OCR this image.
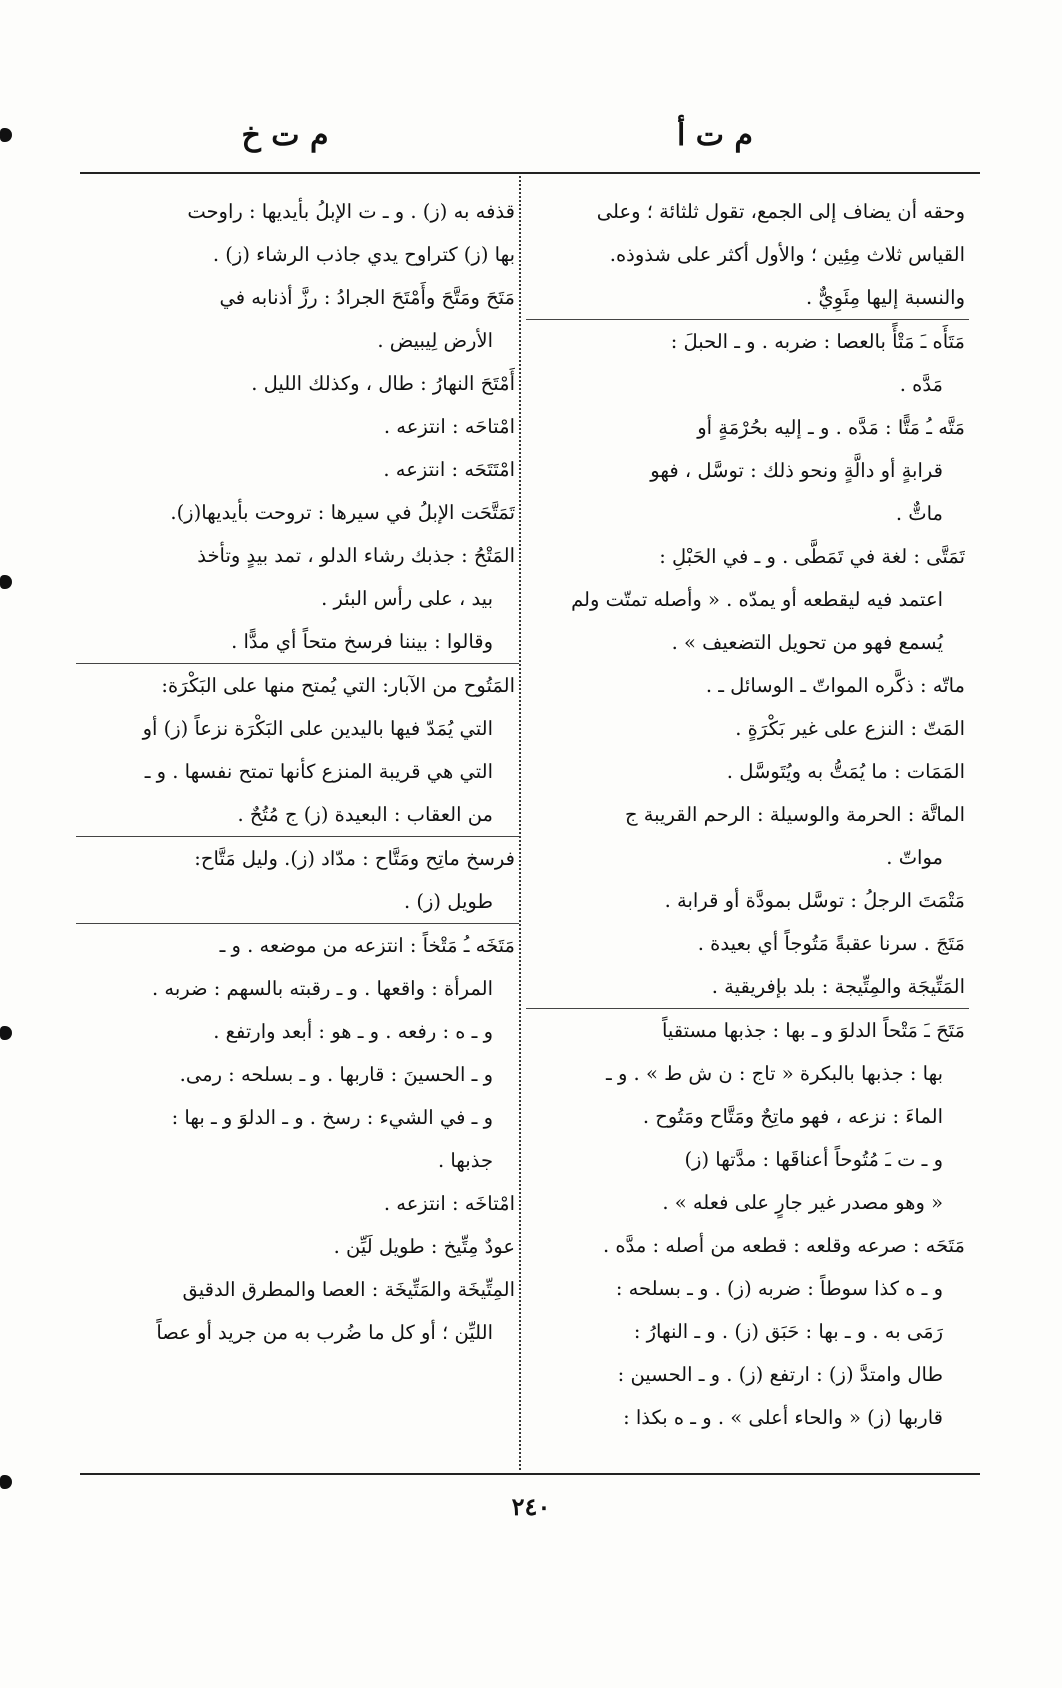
م ت أ
م ت خ
وحقه أن يضاف إلى الجمع، تقول ثلثائة ؛ وعلى
القياس ثلاث مِئِين ؛ والأول أكثر على شذوذه.
والنسبة إليها مِئَوِيٌّ .
مَتَأَه ـَ مَتْأً بالعصا : ضربه . و ـ الحبلَ :
مَدَّه .
مَتَّه ـُ مَتًّا : مَدَّه . و ـ إليه بحُرْمَةٍ أو
قرابةٍ أو دالَّةٍ ونحو ذلك : توسَّل ، فهو
ماتٌّ .
تَمَتَّى : لغة في تَمَطَّى . و ـ في الحَبْلِ :
اعتمد فيه ليقطعه أو يمدّه . « وأصله تمتّت ولم
يُسمع فهو من تحويل التضعيف » .
ماتّه : ذكَّره المواتّ ـ الوسائل ـ .
المَتّ : النزع على غير بَكْرَةٍ .
المَمَات : ما يُمَتُّ به ويُتَوسَّل .
الماتَّة : الحرمة والوسيلة : الرحم القريبة ج
مواتّ .
مَتْمَتَ الرجلُ : توسَّل بمودَّة أو قرابة .
مَتَجَ . سرنا عقبةً مَتُوجاً أي بعيدة .
المَتِّيجَة والمِتِّيجة : بلد بإفريقية .
مَتَحَ ـَ مَتْحاً الدلوَ و ـ بها : جذبها مستقياً
بها : جذبها بالبكرة « تاج : ن ش ط » . و ـ
الماءَ : نزعه ، فهو ماتِحٌ ومَتَّاح ومَتُوح .
و ـ ت ـَ مُتُوحاً أعناقَها : مدَّتها (ز)
« وهو مصدر غير جارٍ على فعله » .
مَتَحَه : صرعه وقلعه : قطعه من أصله : مدَّه .
و ـ ه كذا سوطاً : ضربه (ز) . و ـ بسلحه :
رَمَى به . و ـ بها : حَبَق (ز) . و ـ النهارُ :
طال وامتدَّ (ز) : ارتفع (ز) . و ـ الحسين :
قاربها (ز) « والحاء أعلى » . و ـ ه بكذا :
قذفه به (ز) . و ـ ت الإبلُ بأيديها : راوحت
بها (ز) كتراوح يدي جاذب الرشاء (ز) .
مَتَحَ ومَتَّحَ وأَمْتَحَ الجرادُ : رزَّ أذنابه في
الأرض لِيبيض .
أَمْتَحَ النهارُ : طال ، وكذلك الليل .
امْتاحَه : انتزعه .
امْتَتَحَه : انتزعه .
تَمَتَّحَت الإبلُ في سيرها : تروحت بأيديها(ز).
المَتْحُ : جذبك رشاء الدلو ، تمد بيدٍ وتأخذ
بيد ، على رأس البئر .
وقالوا : بيننا فرسخ متحاً أي مدًّا .
المَتُوح من الآبار: التي يُمتح منها على البَكْرَة:
التي يُمَدّ فيها باليدين على البَكْرَة نزعاً (ز) أو
التي هي قريبة المنزع كأنها تمتح نفسها . و ـ
من العقاب : البعيدة (ز) ج مُتُحٌ .
فرسخ ماتِح ومَتَّاح : مدّاد (ز). وليل مَتَّاح:
طويل (ز) .
مَتَخَه ـُ مَتْخاً : انتزعه من موضعه . و ـ
المرأة : واقعها . و ـ رقبته بالسهم : ضربه .
و ـ ه : رفعه . و ـ هو : أبعد وارتفع .
و ـ الحسينَ : قاربها . و ـ بسلحه : رمى.
و ـ في الشيء : رسخ . و ـ الدلوَ و ـ بها :
جذبها .
امْتاخَه : انتزعه .
عودٌ مِتِّيخ : طويل لَيِّن .
المِتِّيخَة والمَتِّيخَة : العصا والمطرق الدقيق
الليِّن ؛ أو كل ما ضُرب به من جريد أو عصاً
٢٤٠
